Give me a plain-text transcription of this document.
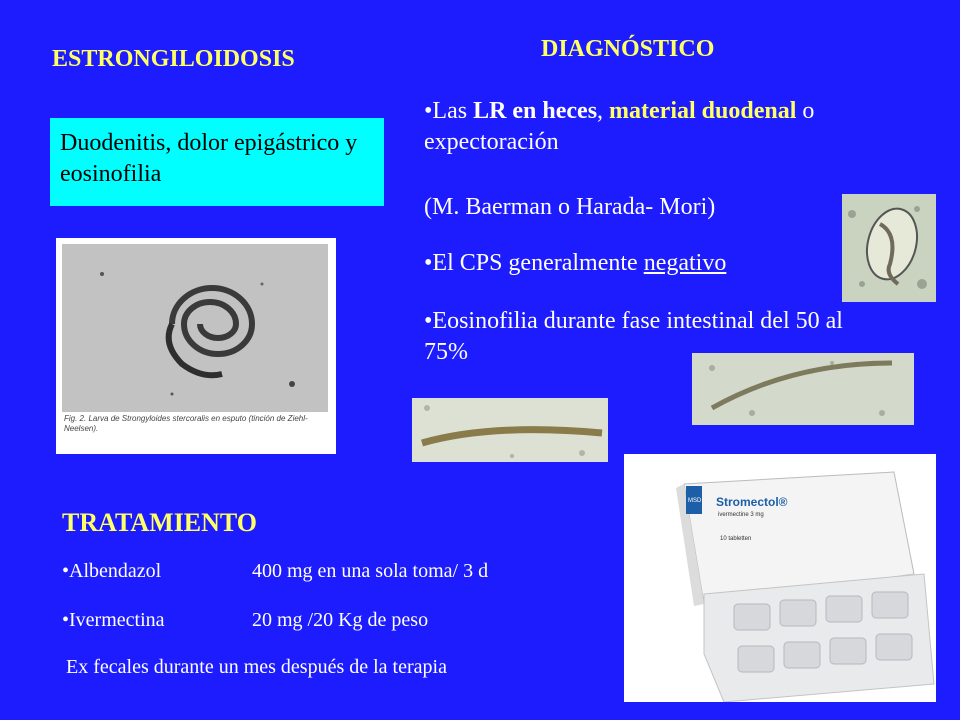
ESTRONGILOIDOSIS	DIAGNÓSTICO
Duodenitis, dolor epigástrico y eosinofilia
•Las LR en heces, material duodenal o expectoración
(M. Baerman o Harada- Mori)
•El CPS generalmente negativo
•Eosinofilia durante fase intestinal del 50 al 75%
Fig. 2. Larva de Strongyloides stercoralis en esputo (tinción de Ziehl-Neelsen).
TRATAMIENTO
•Albendazol	400 mg en una sola toma/ 3 d
•Ivermectina	20 mg /20 Kg de peso
Ex fecales durante un mes después de la terapia
MSD Stromectol®
ivermectine 3 mg
10 tabletten
